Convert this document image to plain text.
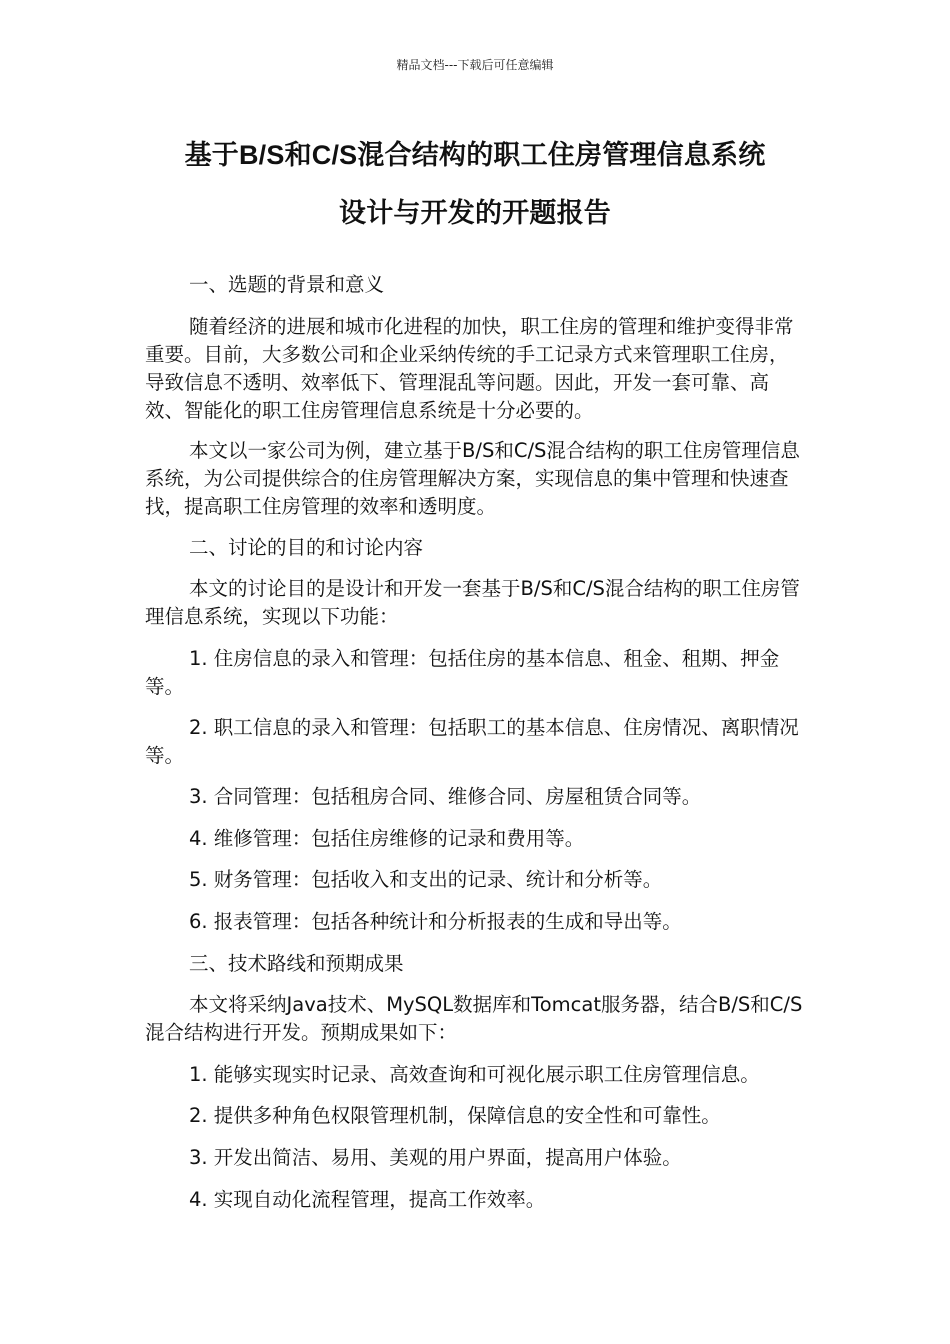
精品文档---下载后可任意编辑
基于B/S和C/S混合结构的职工住房管理信息系统
设计与开发的开题报告

一、选题的背景和意义

随着经济的进展和城市化进程的加快，职工住房的管理和维护变得非常重要。目前，大多数公司和企业采纳传统的手工记录方式来管理职工住房，导致信息不透明、效率低下、管理混乱等问题。因此，开发一套可靠、高效、智能化的职工住房管理信息系统是十分必要的。

本文以一家公司为例，建立基于B/S和C/S混合结构的职工住房管理信息系统，为公司提供综合的住房管理解决方案，实现信息的集中管理和快速查找，提高职工住房管理的效率和透明度。

二、讨论的目的和讨论内容

本文的讨论目的是设计和开发一套基于B/S和C/S混合结构的职工住房管理信息系统，实现以下功能：

1. 住房信息的录入和管理：包括住房的基本信息、租金、租期、押金等。

2. 职工信息的录入和管理：包括职工的基本信息、住房情况、离职情况等。

3. 合同管理：包括租房合同、维修合同、房屋租赁合同等。

4. 维修管理：包括住房维修的记录和费用等。

5. 财务管理：包括收入和支出的记录、统计和分析等。

6. 报表管理：包括各种统计和分析报表的生成和导出等。

三、技术路线和预期成果

本文将采纳Java技术、MySQL数据库和Tomcat服务器，结合B/S和C/S混合结构进行开发。预期成果如下：

1. 能够实现实时记录、高效查询和可视化展示职工住房管理信息。

2. 提供多种角色权限管理机制，保障信息的安全性和可靠性。

3. 开发出简洁、易用、美观的用户界面，提高用户体验。

4. 实现自动化流程管理，提高工作效率。
